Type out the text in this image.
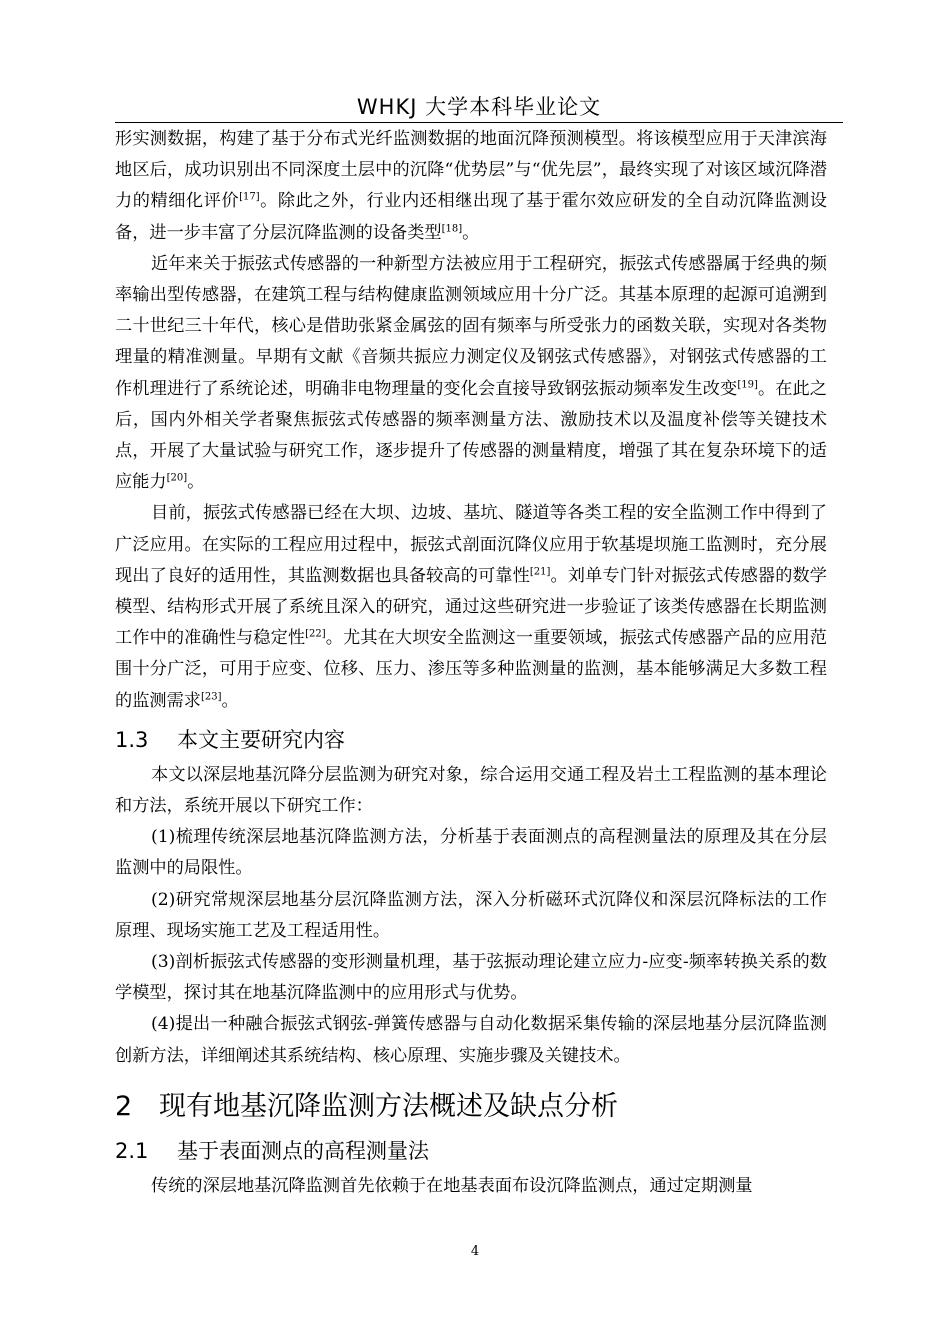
WHKJ 大学本科毕业论文

形实测数据，构建了基于分布式光纤监测数据的地面沉降预测模型。将该模型应用于天津滨海地区后，成功识别出不同深度土层中的沉降“优势层”与“优先层”，最终实现了对该区域沉降潜力的精细化评价[17]。除此之外，行业内还相继出现了基于霍尔效应研发的全自动沉降监测设备，进一步丰富了分层沉降监测的设备类型[18]。

近年来关于振弦式传感器的一种新型方法被应用于工程研究，振弦式传感器属于经典的频率输出型传感器，在建筑工程与结构健康监测领域应用十分广泛。其基本原理的起源可追溯到二十世纪三十年代，核心是借助张紧金属弦的固有频率与所受张力的函数关联，实现对各类物理量的精准测量。早期有文献《音频共振应力测定仪及钢弦式传感器》，对钢弦式传感器的工作机理进行了系统论述，明确非电物理量的变化会直接导致钢弦振动频率发生改变[19]。在此之后，国内外相关学者聚焦振弦式传感器的频率测量方法、激励技术以及温度补偿等关键技术点，开展了大量试验与研究工作，逐步提升了传感器的测量精度，增强了其在复杂环境下的适应能力[20]。

目前，振弦式传感器已经在大坝、边坡、基坑、隧道等各类工程的安全监测工作中得到了广泛应用。在实际的工程应用过程中，振弦式剖面沉降仪应用于软基堤坝施工监测时，充分展现出了良好的适用性，其监测数据也具备较高的可靠性[21]。刘单专门针对振弦式传感器的数学模型、结构形式开展了系统且深入的研究，通过这些研究进一步验证了该类传感器在长期监测工作中的准确性与稳定性[22]。尤其在大坝安全监测这一重要领域，振弦式传感器产品的应用范围十分广泛，可用于应变、位移、压力、渗压等多种监测量的监测，基本能够满足大多数工程的监测需求[23]。

1.3 本文主要研究内容

本文以深层地基沉降分层监测为研究对象，综合运用交通工程及岩土工程监测的基本理论和方法，系统开展以下研究工作：

(1)梳理传统深层地基沉降监测方法，分析基于表面测点的高程测量法的原理及其在分层监测中的局限性。

(2)研究常规深层地基分层沉降监测方法，深入分析磁环式沉降仪和深层沉降标法的工作原理、现场实施工艺及工程适用性。

(3)剖析振弦式传感器的变形测量机理，基于弦振动理论建立应力-应变-频率转换关系的数学模型，探讨其在地基沉降监测中的应用形式与优势。

(4)提出一种融合振弦式钢弦-弹簧传感器与自动化数据采集传输的深层地基分层沉降监测创新方法，详细阐述其系统结构、核心原理、实施步骤及关键技术。

2 现有地基沉降监测方法概述及缺点分析
2.1 基于表面测点的高程测量法

传统的深层地基沉降监测首先依赖于在地基表面布设沉降监测点，通过定期测量

4
